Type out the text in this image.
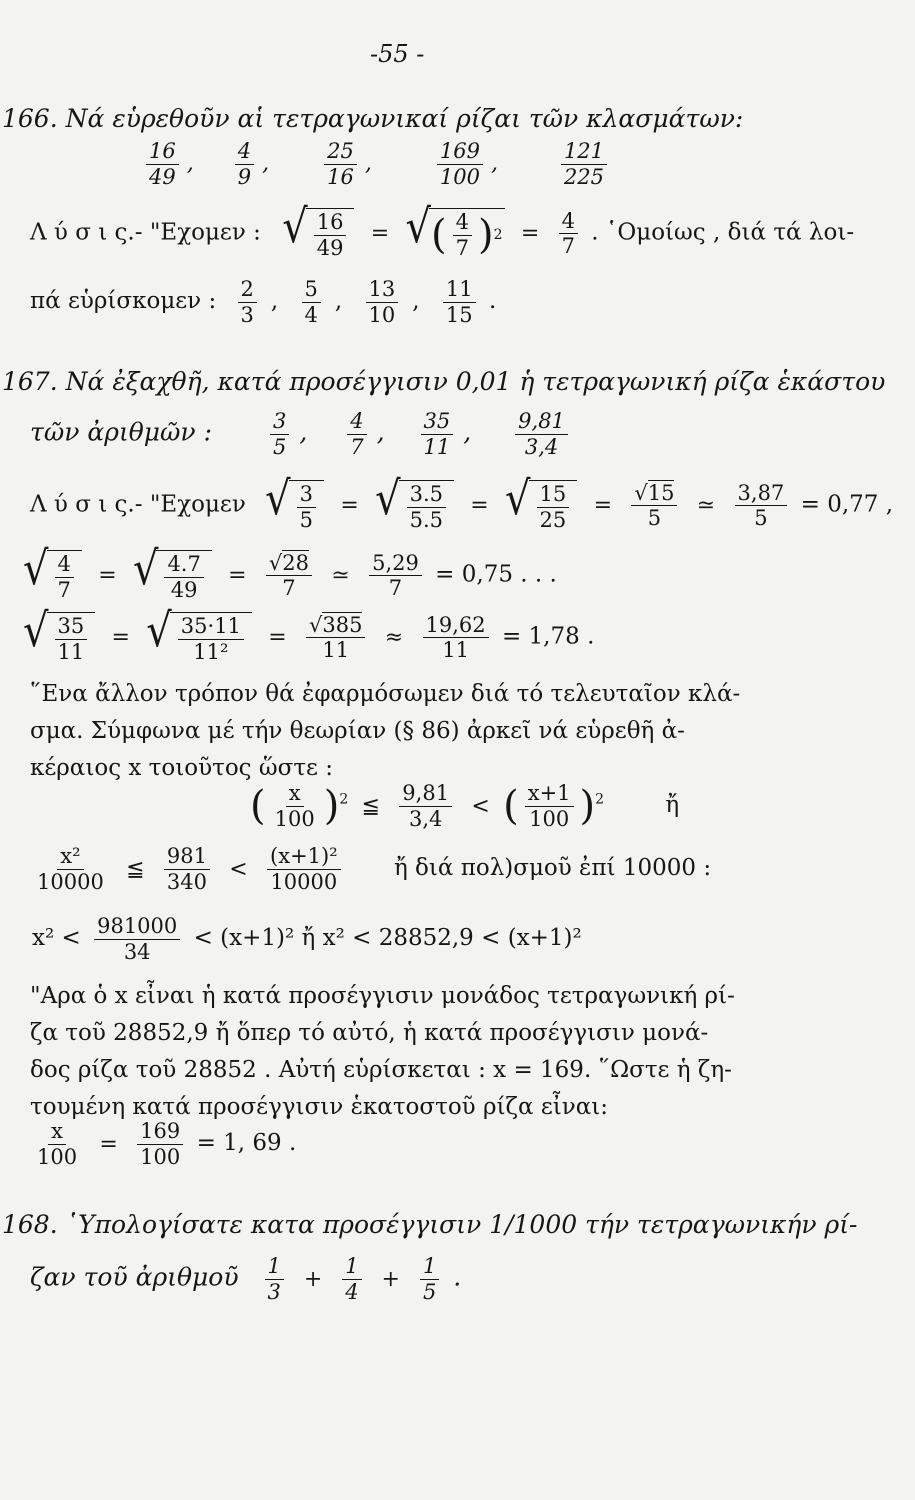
-55 -
166. Νά εὑρεθοῦν αἱ τετραγωνικαί ρίζαι τῶν κλασμάτων:
$\frac{16}{49}$ , $\frac{4}{9}$ , $\frac{25}{16}$ ,	$\frac{169}{100}$ ,	$\frac{121}{225}$
Λ ύ σ ι ς.- "Εχομεν : √ $\frac{16}{49}$ = √ ( $\frac{4}{7}$ ) $2 = \frac{4}{7}$ . ῾Ομοίως , διά τά λοι-
πά εὑρίσκομεν : $\frac{2}{3}$ , $\frac{5}{4}$ , $\frac{13}{10}$ , $\frac{11}{15}$ .
167. Νά ἐξαχθῆ, κατά προσέγγισιν 0,01 ἡ τετραγωνική ρίζα ἑκάστου
τῶν ἀριθμῶν :	$\frac{3}{5}$ , $\frac{4}{7}$ , $\frac{35}{11}$ , $\frac{9,81}{3,4}$
Λ ύ σ ι ς.- "Εχομεν √ $\frac{3}{5}$ = √ $\frac{3.5}{5.5}$ = √ $\frac{15}{25} = \frac{√15}{5}$ ≃ $\frac{3,87}{5} = 0,77$ ,
√ $\frac{4}{7}$ = √ $\frac{4.7}{49} = \frac{√28}{7}$ ≃ $\frac{5,29}{7} = 0,75$ . . .
√ $\frac{35}{11}$ = √ $\frac{35\cdot 11}{\text{11²}} = \frac{√385}{11} \approx \frac{19,62}{11} = 1,78$ .
῞Ενα ἄλλον τρόπον θά ἐφαρμόσωμεν διά τό τελευταῖον κλά-
σμα. Σύμφωνα μέ τήν θεωρίαν (§ 86) ἀρκεῖ νά εὑρεθῆ ἀ-
κέραιος x τοιοῦτος ὥστε :
( $\frac{x}{100} )^2$ ≦ $\frac{9,81}{3,4}$ < ( $\frac{x+1}{100} )^2$	ἤ
$\frac{\text{x²}}{10000}$ ≦ $\frac{981}{340} < \frac{\text{(x+1)²}}{10000}$ ἤ διά πολ)σμοῦ ἐπί 10000 :
$x^2 < \frac{981000}{34} < (x+1)^2$ ἤ x² < 28852,9 < (x+1)²
"Αρα ὁ x εἶναι ἡ κατά προσέγγισιν μονάδος τετραγωνική ρί-
ζα τοῦ 28852,9 ἤ ὅπερ τό αὐτό, ἡ κατά προσέγγισιν μονά-
δος ρίζα τοῦ 28852 . Αὐτή εὑρίσκεται : x = 169. ῞Ωστε ἡ ζη-
τουμένη κατά προσέγγισιν ἑκατοστοῦ ρίζα εἶναι:
$\frac{x}{100} = \frac{169}{100} = 1$, 69 .
168. ῾Υπολογίσατε κατα προσέγγισιν 1/1000 τήν τετραγωνικήν ρί-
ζαν τοῦ ἀριθμοῦ $\frac{1}{3} + \frac{1}{4} + \frac{1}{5}$ .
